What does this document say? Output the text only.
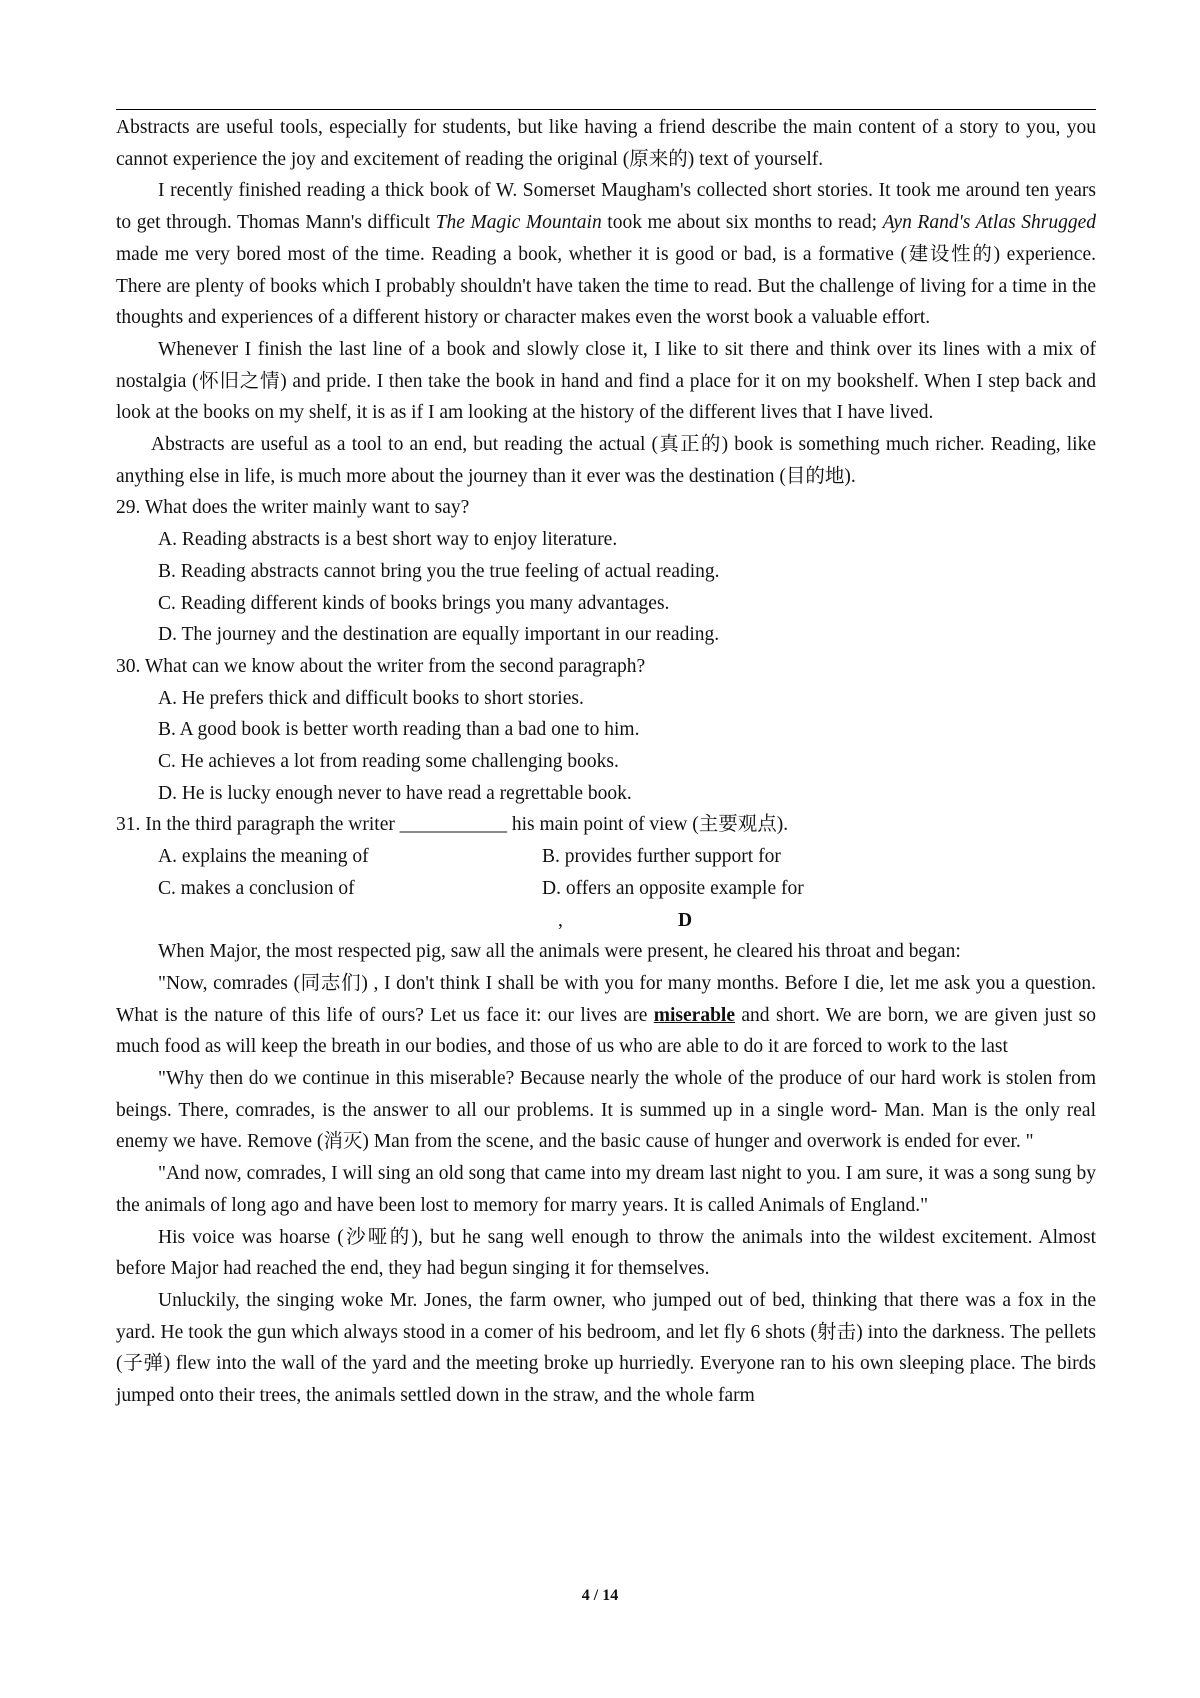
Abstracts are useful tools, especially for students, but like having a friend describe the main content of a story to you, you cannot experience the joy and excitement of reading the original (原来的) text of yourself.

I recently finished reading a thick book of W. Somerset Maugham's collected short stories. It took me around ten years to get through. Thomas Mann's difficult The Magic Mountain took me about six months to read; Ayn Rand's Atlas Shrugged made me very bored most of the time. Reading a book, whether it is good or bad, is a formative (建设性的) experience. There are plenty of books which I probably shouldn't have taken the time to read. But the challenge of living for a time in the thoughts and experiences of a different history or character makes even the worst book a valuable effort.

Whenever I finish the last line of a book and slowly close it, I like to sit there and think over its lines with a mix of nostalgia (怀旧之情) and pride. I then take the book in hand and find a place for it on my bookshelf. When I step back and look at the books on my shelf, it is as if I am looking at the history of the different lives that I have lived.

Abstracts are useful as a tool to an end, but reading the actual (真正的) book is something much richer. Reading, like anything else in life, is much more about the journey than it ever was the destination (目的地).

29. What does the writer mainly want to say?

A. Reading abstracts is a best short way to enjoy literature.

B. Reading abstracts cannot bring you the true feeling of actual reading.

C. Reading different kinds of books brings you many advantages.

D. The journey and the destination are equally important in our reading.

30. What can we know about the writer from the second paragraph?

A. He prefers thick and difficult books to short stories.

B. A good book is better worth reading than a bad one to him.

C. He achieves a lot from reading some challenging books.

D. He is lucky enough never to have read a regrettable book.

31. In the third paragraph the writer ___________ his main point of view (主要观点).

A. explains the meaning of	B. provides further support for
C. makes a conclusion of	D. offers an opposite example for
,	D

When Major, the most respected pig, saw all the animals were present, he cleared his throat and began:

"Now, comrades (同志们) , I don't think I shall be with you for many months. Before I die, let me ask you a question. What is the nature of this life of ours? Let us face it: our lives are miserable and short. We are born, we are given just so much food as will keep the breath in our bodies, and those of us who are able to do it are forced to work to the last

"Why then do we continue in this miserable? Because nearly the whole of the produce of our hard work is stolen from beings. There, comrades, is the answer to all our problems. It is summed up in a single word- Man. Man is the only real enemy we have. Remove (消灭) Man from the scene, and the basic cause of hunger and overwork is ended for ever. "

"And now, comrades, I will sing an old song that came into my dream last night to you. I am sure, it was a song sung by the animals of long ago and have been lost to memory for marry years. It is called Animals of England."

His voice was hoarse (沙哑的), but he sang well enough to throw the animals into the wildest excitement. Almost before Major had reached the end, they had begun singing it for themselves.

Unluckily, the singing woke Mr. Jones, the farm owner, who jumped out of bed, thinking that there was a fox in the yard. He took the gun which always stood in a comer of his bedroom, and let fly 6 shots (射击) into the darkness. The pellets (子弹) flew into the wall of the yard and the meeting broke up hurriedly. Everyone ran to his own sleeping place. The birds jumped onto their trees, the animals settled down in the straw, and the whole farm

4 / 14
